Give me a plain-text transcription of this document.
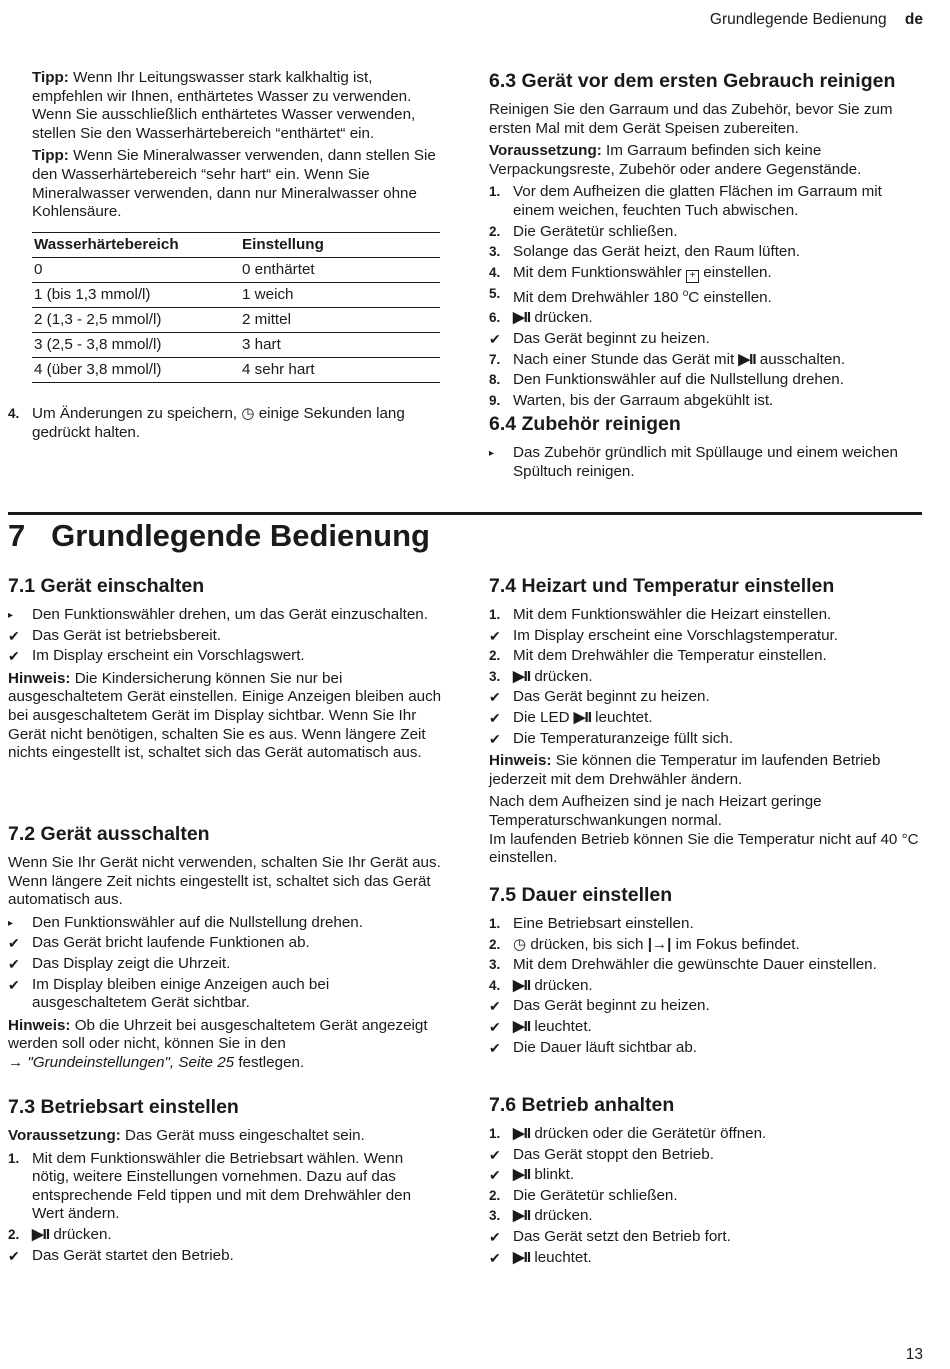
Grundlegende Bedienung de

Tipp: Wenn Ihr Leitungswasser stark kalkhaltig ist, empfehlen wir Ihnen, enthärtetes Wasser zu verwenden. Wenn Sie ausschließlich enthärtetes Wasser verwenden, stellen Sie den Wasserhärtebereich “enthärtet“ ein.

Tipp: Wenn Sie Mineralwasser verwenden, dann stellen Sie den Wasserhärtebereich “sehr hart“ ein. Wenn Sie Mineralwasser verwenden, dann nur Mineralwasser ohne Kohlensäure.

Wasserhärtebereich	Einstellung
0	0 enthärtet
1 (bis 1,3 mmol/l)	1 weich
2 (1,3 - 2,5 mmol/l)	2 mittel
3 (2,5 - 3,8 mmol/l)	3 hart
4 (über 3,8 mmol/l)	4 sehr hart
4. Um Änderungen zu speichern, ◷ einige Sekunden lang gedrückt halten.
6.3 Gerät vor dem ersten Gebrauch reinigen

Reinigen Sie den Garraum und das Zubehör, bevor Sie zum ersten Mal mit dem Gerät Speisen zubereiten.

Voraussetzung: Im Garraum befinden sich keine Verpackungsreste, Zubehör oder andere Gegenstände.

1. Vor dem Aufheizen die glatten Flächen im Garraum mit einem weichen, feuchten Tuch abwischen.
2. Die Gerätetür schließen.
3. Solange das Gerät heizt, den Raum lüften.
4. Mit dem Funktionswähler + einstellen.
5. Mit dem Drehwähler 180 $^o$C einstellen.
6. ▶II drücken.
✔ Das Gerät beginnt zu heizen.
7. Nach einer Stunde das Gerät mit ▶II ausschalten.
8. Den Funktionswähler auf die Nullstellung drehen.
9. Warten, bis der Garraum abgekühlt ist.
6.4 Zubehör reinigen
▸	Das Zubehör gründlich mit Spüllauge und einem weichen Spültuch reinigen.
7   Grundlegende Bedienung
7.1 Gerät einschalten
▸	Den Funktionswähler drehen, um das Gerät einzuschalten.
✔ Das Gerät ist betriebsbereit.
✔ Im Display erscheint ein Vorschlagswert.

Hinweis: Die Kindersicherung können Sie nur bei ausgeschaltetem Gerät einstellen. Einige Anzeigen bleiben auch bei ausgeschaltetem Gerät im Display sichtbar. Wenn Sie Ihr Gerät nicht benötigen, schalten Sie es aus. Wenn längere Zeit nichts eingestellt ist, schaltet sich das Gerät automatisch aus.

7.2 Gerät ausschalten

Wenn Sie Ihr Gerät nicht verwenden, schalten Sie Ihr Gerät aus. Wenn längere Zeit nichts eingestellt ist, schaltet sich das Gerät automatisch aus.

▸	Den Funktionswähler auf die Nullstellung drehen.
✔ Das Gerät bricht laufende Funktionen ab.
✔ Das Display zeigt die Uhrzeit.
✔ Im Display bleiben einige Anzeigen auch bei ausgeschaltetem Gerät sichtbar.

Hinweis: Ob die Uhrzeit bei ausgeschaltetem Gerät angezeigt werden soll oder nicht, können Sie in den
→ "Grundeinstellungen", Seite 25 festlegen.

7.3 Betriebsart einstellen

Voraussetzung: Das Gerät muss eingeschaltet sein.

1. Mit dem Funktionswähler die Betriebsart wählen. Wenn nötig, weitere Einstellungen vornehmen. Dazu auf das entsprechende Feld tippen und mit dem Drehwähler den Wert ändern.
2. ▶II drücken.
✔ Das Gerät startet den Betrieb.
7.4 Heizart und Temperatur einstellen
1. Mit dem Funktionswähler die Heizart einstellen.
✔ Im Display erscheint eine Vorschlagstemperatur.
2. Mit dem Drehwähler die Temperatur einstellen.
3. ▶II drücken.
✔ Das Gerät beginnt zu heizen.
✔ Die LED ▶II leuchtet.
✔ Die Temperaturanzeige füllt sich.

Hinweis: Sie können die Temperatur im laufenden Betrieb jederzeit mit dem Drehwähler ändern.

Nach dem Aufheizen sind je nach Heizart geringe Temperaturschwankungen normal.

Im laufenden Betrieb können Sie die Temperatur nicht auf 40 °C einstellen.

7.5 Dauer einstellen
1. Eine Betriebsart einstellen.
2. ◷ drücken, bis sich |→| im Fokus befindet.
3. Mit dem Drehwähler die gewünschte Dauer einstellen.
4. ▶II drücken.
✔ Das Gerät beginnt zu heizen.
✔ ▶II leuchtet.
✔ Die Dauer läuft sichtbar ab.
7.6 Betrieb anhalten
1. ▶II drücken oder die Gerätetür öffnen.
✔ Das Gerät stoppt den Betrieb.
✔ ▶II blinkt.
2. Die Gerätetür schließen.
3. ▶II drücken.
✔ Das Gerät setzt den Betrieb fort.
✔ ▶II leuchtet.
13
